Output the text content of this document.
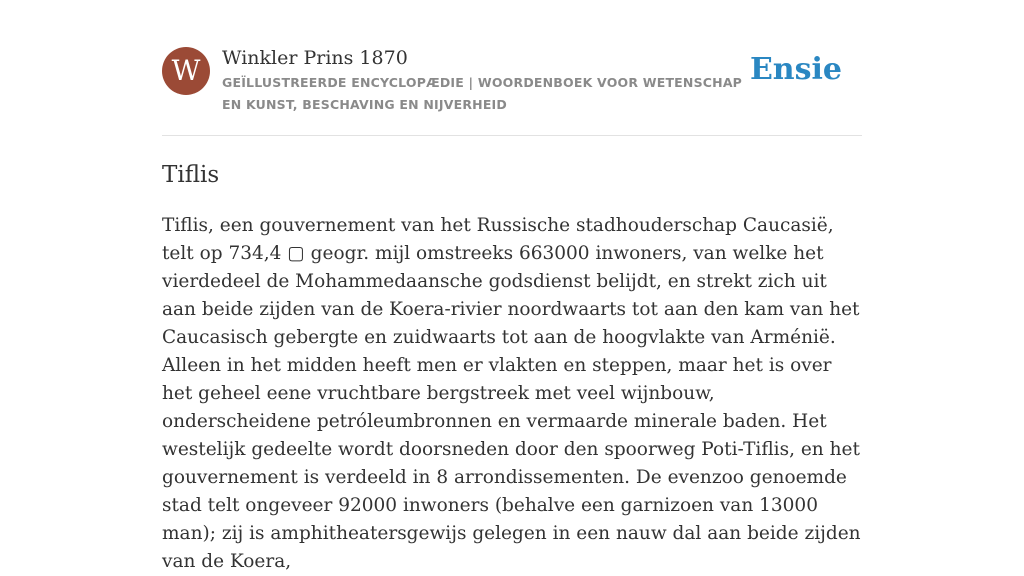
W	Winkler Prins 1870
GEÏLLUSTREERDE ENCYCLOPÆDIE | WOORDENBOEK VOOR WETENSCHAP EN KUNST, BESCHAVING EN NIJVERHEID
Ensie
Tiflis

Tiflis, een gouvernement van het Russische stadhouderschap Caucasië, telt op 734,4 ▢ geogr. mijl omstreeks 663000 inwoners, van welke het vierdedeel de Mohammedaansche godsdienst belijdt, en strekt zich uit aan beide zijden van de Koera-rivier noordwaarts tot aan den kam van het Caucasisch gebergte en zuidwaarts tot aan de hoogvlakte van Arménië. Alleen in het midden heeft men er vlakten en steppen, maar het is over het geheel eene vruchtbare bergstreek met veel wijnbouw, onderscheidene petróleumbronnen en vermaarde minerale baden. Het westelijk gedeelte wordt doorsneden door den spoorweg Poti-Tiflis, en het gouvernement is verdeeld in 8 arrondissementen. De evenzoo genoemde stad telt ongeveer 92000 inwoners (behalve een garnizoen van 13000 man); zij is amphitheatersgewijs gelegen in een nauw dal aan beide zijden van de Koera,
